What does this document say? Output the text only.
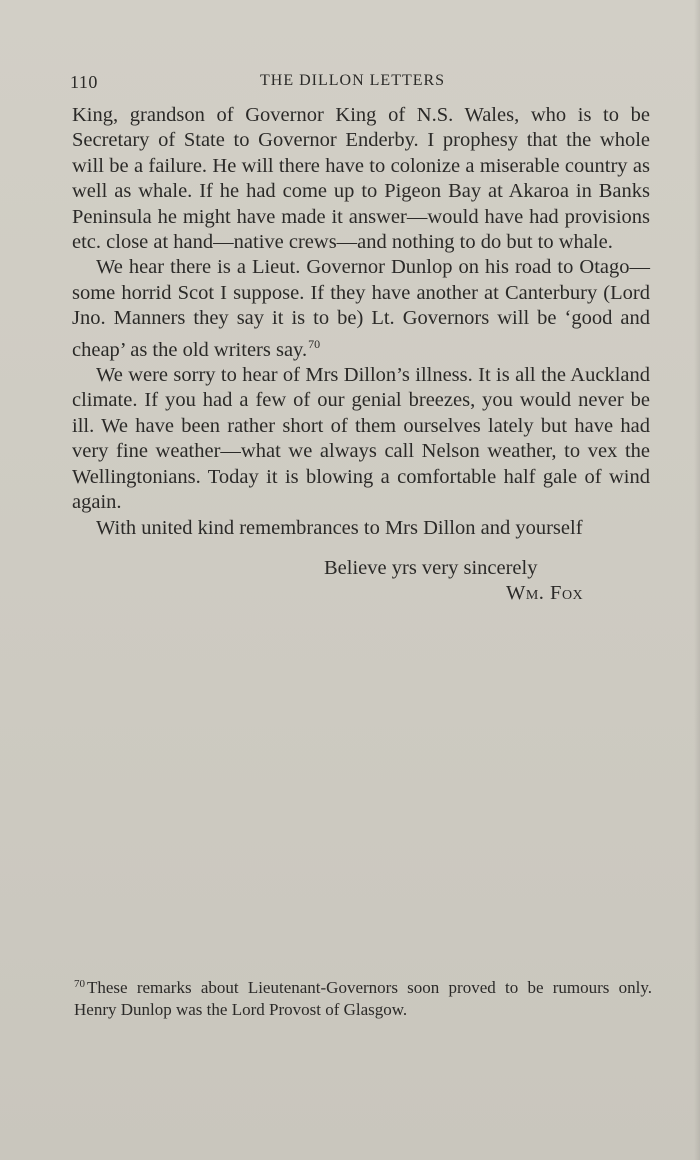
110	THE DILLON LETTERS

King, grandson of Governor King of N.S. Wales, who is to be Secretary of State to Governor Enderby. I prophesy that the whole will be a failure. He will there have to colonize a miserable country as well as whale. If he had come up to Pigeon Bay at Akaroa in Banks Peninsula he might have made it answer—would have had provisions etc. close at hand—native crews—and nothing to do but to whale.

We hear there is a Lieut. Governor Dunlop on his road to Otago—some horrid Scot I suppose. If they have another at Canterbury (Lord Jno. Manners they say it is to be) Lt. Governors will be ‘good and cheap’ as the old writers say.$^{70}$

We were sorry to hear of Mrs Dillon’s illness. It is all the Auckland climate. If you had a few of our genial breezes, you would never be ill. We have been rather short of them ourselves lately but have had very fine weather—what we always call Nelson weather, to vex the Wellingtonians. Today it is blowing a comfortable half gale of wind again.

With united kind remembrances to Mrs Dillon and yourself

Believe yrs very sincerely
Wm. Fox
$^{70}$ These remarks about Lieutenant-Governors soon proved to be rumours only. Henry Dunlop was the Lord Provost of Glasgow.
